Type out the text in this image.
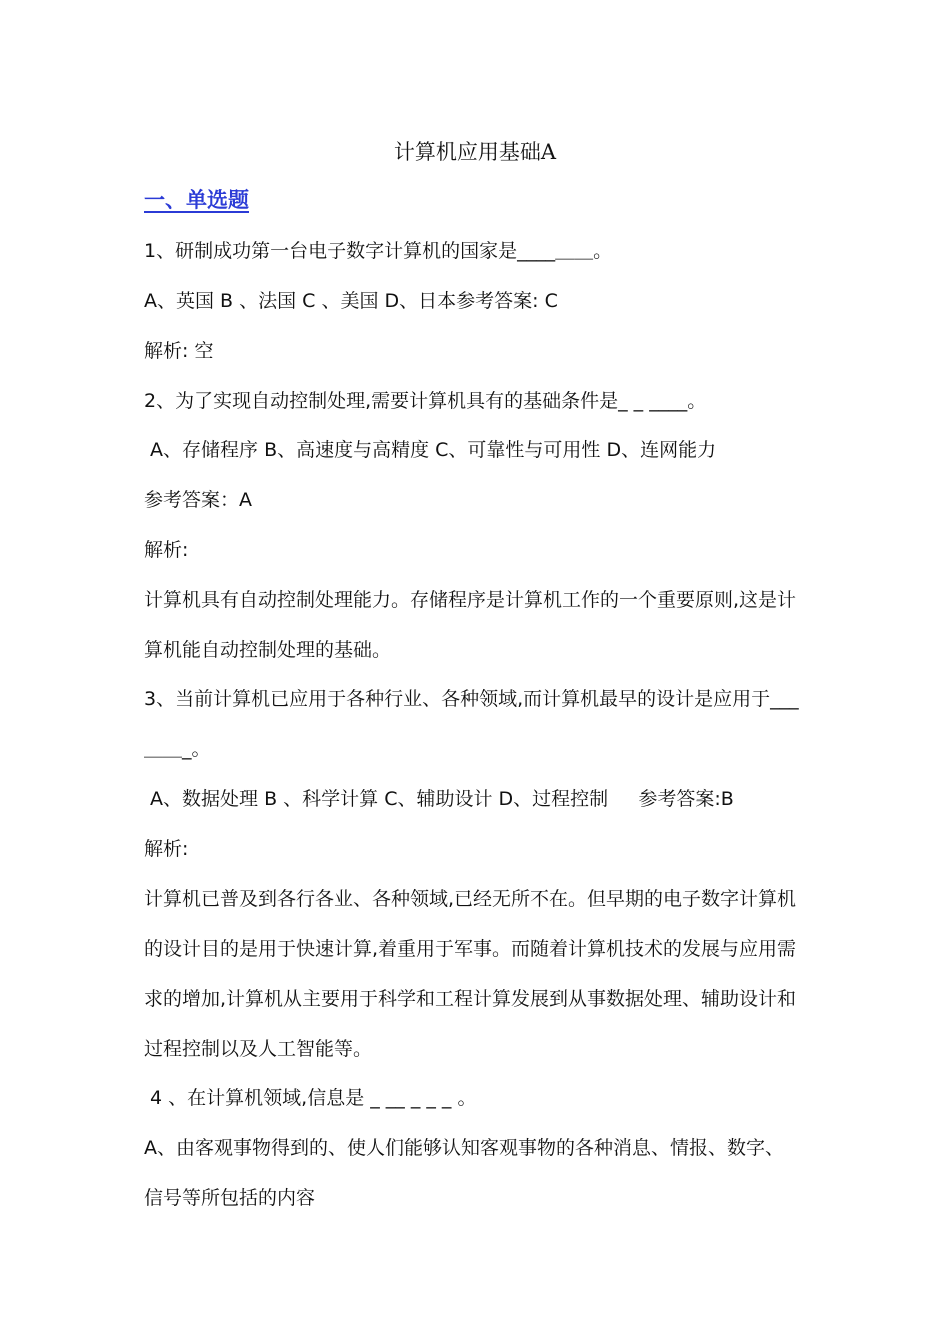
计算机应用基础A
一、单选题
1、研制成功第一台电子数字计算机的国家是____＿＿。
A、英国 B 、法国 C 、美国 D、日本参考答案: C
解析: 空
2、为了实现自动控制处理,需要计算机具有的基础条件是_ _ ____。
A、存储程序 B、高速度与高精度 C、可靠性与可用性 D、连网能力
参考答案：A
解析:
计算机具有自动控制处理能力。存储程序是计算机工作的一个重要原则,这是计
算机能自动控制处理的基础。
3、当前计算机已应用于各种行业、各种领域,而计算机最早的设计是应用于___
＿＿_。
A、数据处理 B 、科学计算 C、辅助设计 D、过程控制     参考答案:B
解析:
计算机已普及到各行各业、各种领域,已经无所不在。但早期的电子数字计算机
的设计目的是用于快速计算,着重用于军事。而随着计算机技术的发展与应用需
求的增加,计算机从主要用于科学和工程计算发展到从事数据处理、辅助设计和
过程控制以及人工智能等。
4 、在计算机领域,信息是 _ __ _ _ _ 。
A、由客观事物得到的、使人们能够认知客观事物的各种消息、情报、数字、
信号等所包括的内容
